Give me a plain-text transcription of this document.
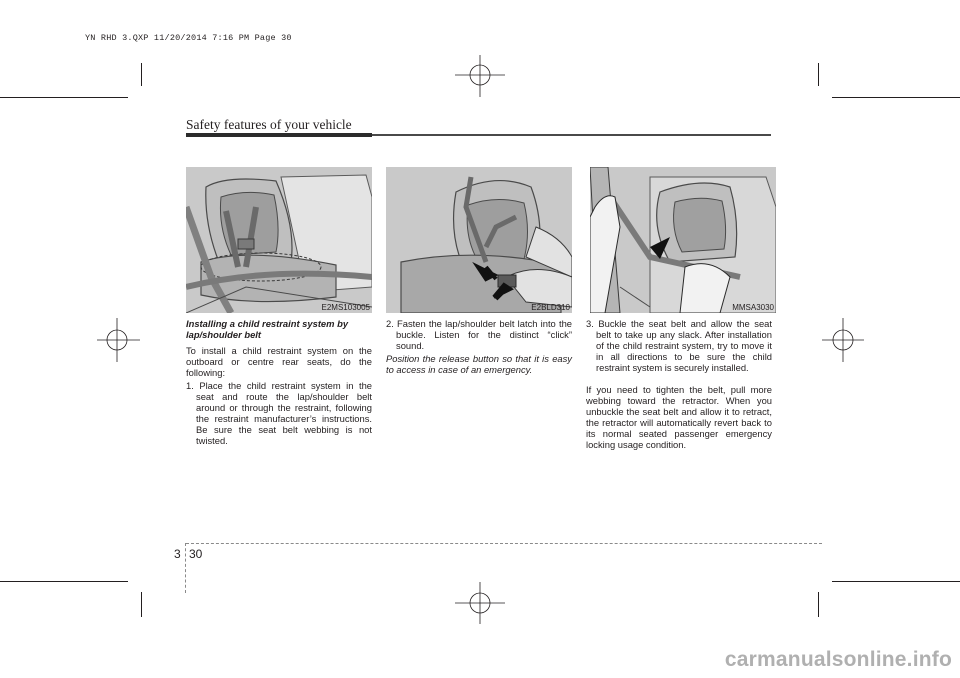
YN RHD 3.QXP 11/20/2014 7:16 PM Page 30
Safety features of your vehicle
E2MS103005	E2BLD310	MMSA3030
Installing a child restraint system by lap/shoulder belt
To install a child restraint system on the outboard or centre rear seats, do the following:
1. Place the child restraint system in the seat and route the lap/shoulder belt around or through the restraint, following the restraint manufacturer’s instructions. Be sure the seat belt webbing is not twisted.
2. Fasten the lap/shoulder belt latch into the buckle. Listen for the distinct “click” sound.
Position the release button so that it is easy to access in case of an emergency.
3. Buckle the seat belt and allow the seat belt to take up any slack. After installation of the child restraint system, try to move it in all directions to be sure the child restraint system is securely installed.
If you need to tighten the belt, pull more webbing toward the retractor. When you unbuckle the seat belt and allow it to retract, the retractor will automatically revert back to its normal seated passenger emergency locking usage condition.
3 30
carmanualsonline.info
